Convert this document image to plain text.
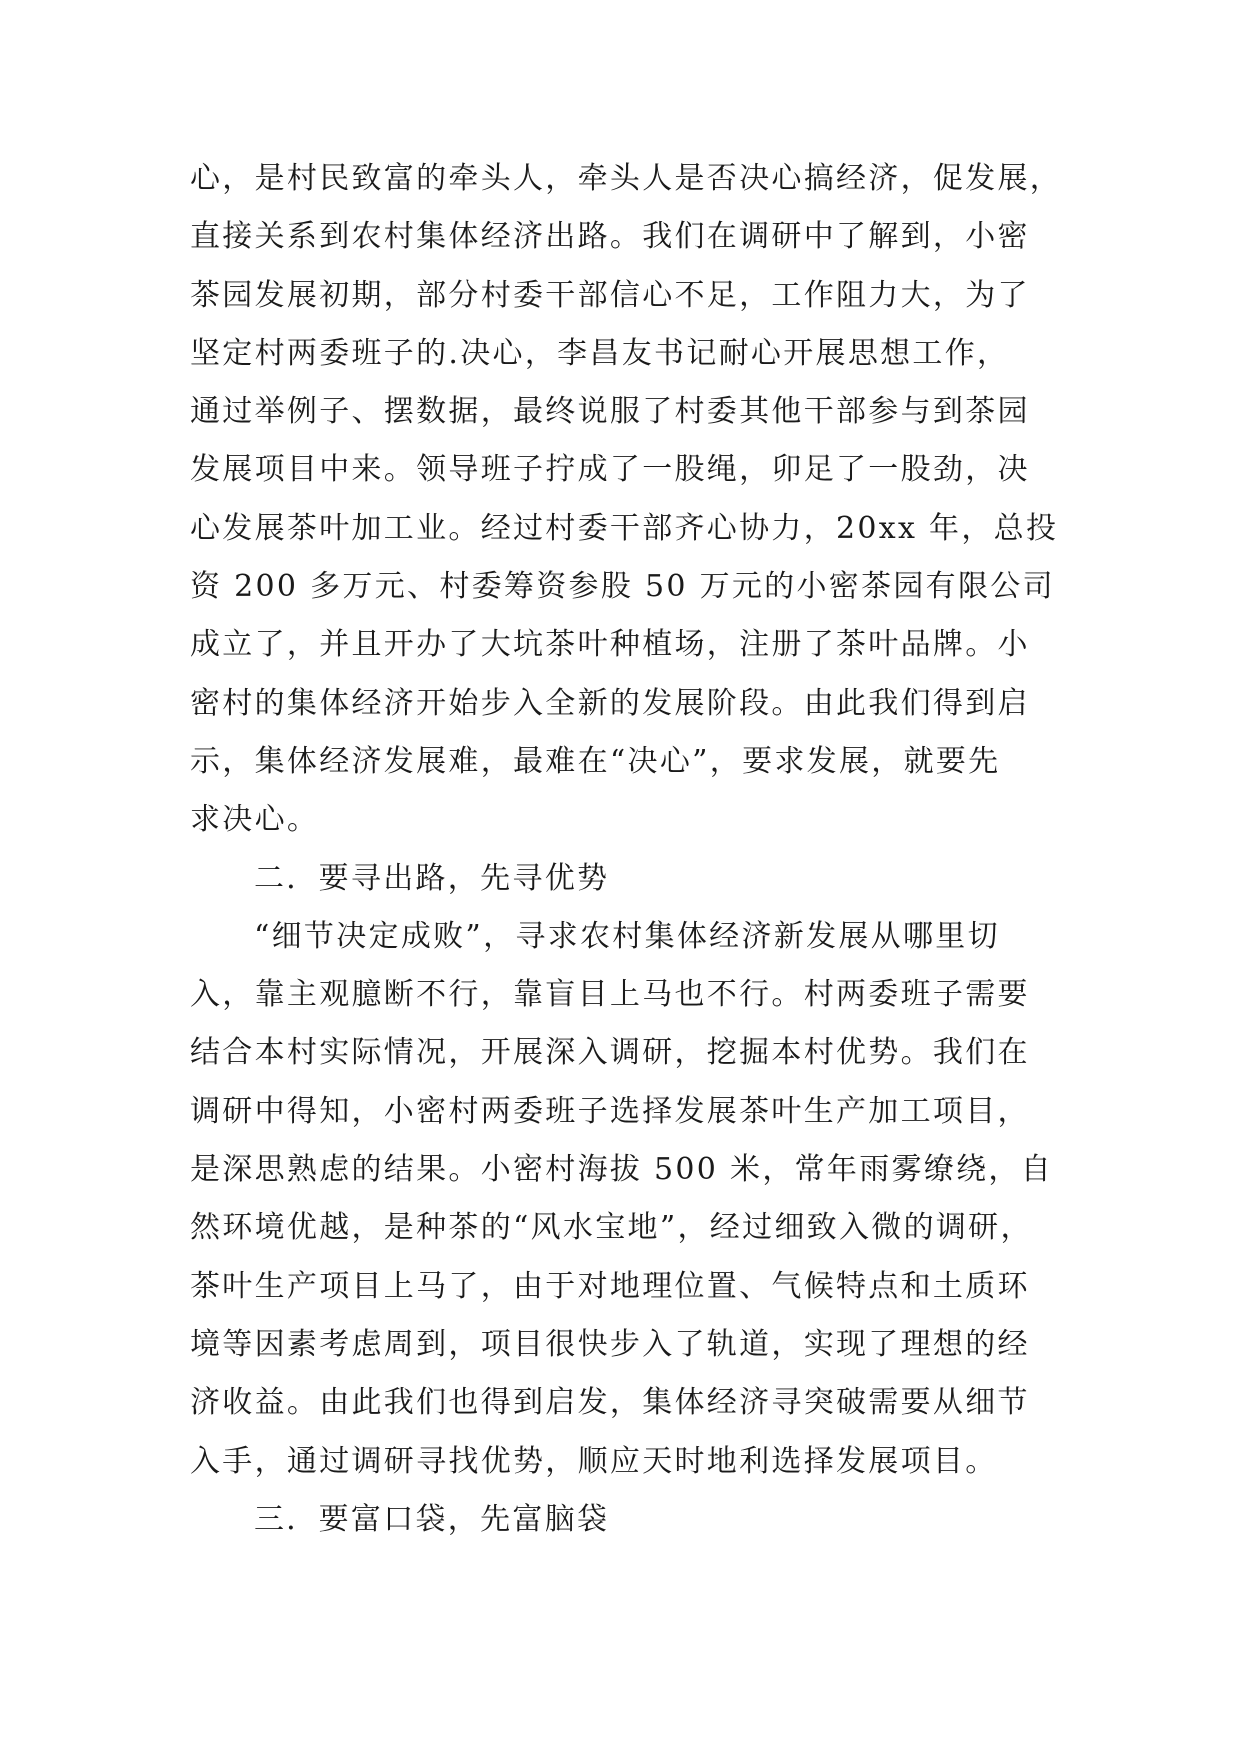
心，是村民致富的牵头人，牵头人是否决心搞经济，促发展，
直接关系到农村集体经济出路。我们在调研中了解到，小密
茶园发展初期，部分村委干部信心不足，工作阻力大，为了
坚定村两委班子的.决心，李昌友书记耐心开展思想工作，
通过举例子、摆数据，最终说服了村委其他干部参与到茶园
发展项目中来。领导班子拧成了一股绳，卯足了一股劲，决
心发展茶叶加工业。经过村委干部齐心协力，20xx 年，总投
资 200 多万元、村委筹资参股 50 万元的小密茶园有限公司
成立了，并且开办了大坑茶叶种植场，注册了茶叶品牌。小
密村的集体经济开始步入全新的发展阶段。由此我们得到启
示，集体经济发展难，最难在“决心”，要求发展，就要先
求决心。
二．要寻出路，先寻优势
“细节决定成败”，寻求农村集体经济新发展从哪里切
入，靠主观臆断不行，靠盲目上马也不行。村两委班子需要
结合本村实际情况，开展深入调研，挖掘本村优势。我们在
调研中得知，小密村两委班子选择发展茶叶生产加工项目，
是深思熟虑的结果。小密村海拔 500 米，常年雨雾缭绕，自
然环境优越，是种茶的“风水宝地”，经过细致入微的调研，
茶叶生产项目上马了，由于对地理位置、气候特点和土质环
境等因素考虑周到，项目很快步入了轨道，实现了理想的经
济收益。由此我们也得到启发，集体经济寻突破需要从细节
入手，通过调研寻找优势，顺应天时地利选择发展项目。
三．要富口袋，先富脑袋
